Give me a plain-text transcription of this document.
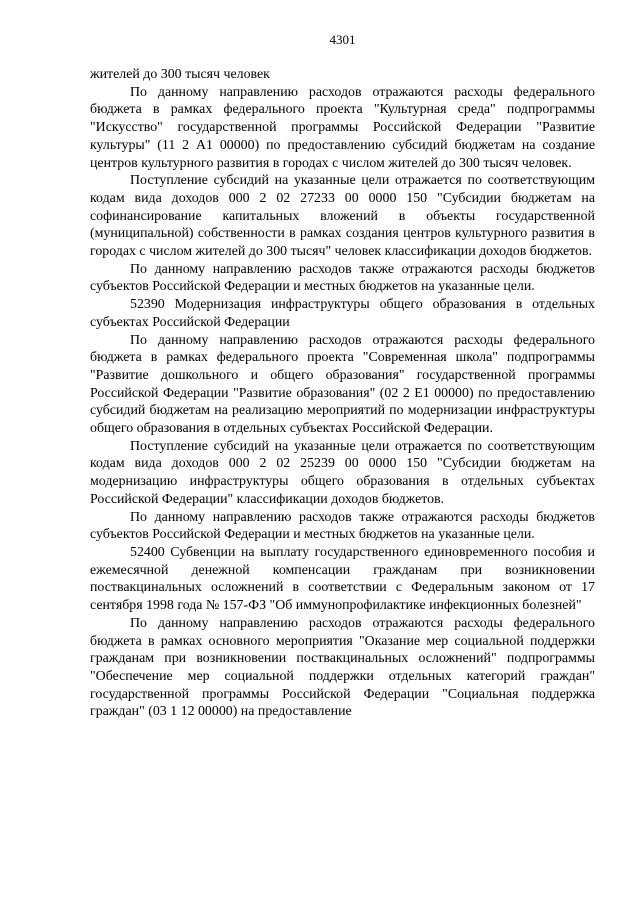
4301

жителей до 300 тысяч человек

По данному направлению расходов отражаются расходы федерального бюджета в рамках федерального проекта "Культурная среда" подпрограммы "Искусство" государственной программы Российской Федерации "Развитие культуры" (11 2 A1 00000) по предоставлению субсидий бюджетам на создание центров культурного развития в городах с числом жителей до 300 тысяч человек.

Поступление субсидий на указанные цели отражается по соответствующим кодам вида доходов 000 2 02 27233 00 0000 150 "Субсидии бюджетам на софинансирование капитальных вложений в объекты государственной (муниципальной) собственности в рамках создания центров культурного развития в городах с числом жителей до 300 тысяч" человек классификации доходов бюджетов.

По данному направлению расходов также отражаются расходы бюджетов субъектов Российской Федерации и местных бюджетов на указанные цели.

52390 Модернизация инфраструктуры общего образования в отдельных субъектах Российской Федерации

По данному направлению расходов отражаются расходы федерального бюджета в рамках федерального проекта "Современная школа" подпрограммы "Развитие дошкольного и общего образования" государственной программы Российской Федерации "Развитие образования" (02 2 E1 00000) по предоставлению субсидий бюджетам на реализацию мероприятий по модернизации инфраструктуры общего образования в отдельных субъектах Российской Федерации.

Поступление субсидий на указанные цели отражается по соответствующим кодам вида доходов 000 2 02 25239 00 0000 150 "Субсидии бюджетам на модернизацию инфраструктуры общего образования в отдельных субъектах Российской Федерации" классификации доходов бюджетов.

По данному направлению расходов также отражаются расходы бюджетов субъектов Российской Федерации и местных бюджетов на указанные цели.

52400 Субвенции на выплату государственного единовременного пособия и ежемесячной денежной компенсации гражданам при возникновении поствакцинальных осложнений в соответствии с Федеральным законом от 17 сентября 1998 года № 157-ФЗ "Об иммунопрофилактике инфекционных болезней"

По данному направлению расходов отражаются расходы федерального бюджета в рамках основного мероприятия "Оказание мер социальной поддержки гражданам при возникновении поствакцинальных осложнений" подпрограммы "Обеспечение мер социальной поддержки отдельных категорий граждан" государственной программы Российской Федерации "Социальная поддержка граждан" (03 1 12 00000) на предоставление
